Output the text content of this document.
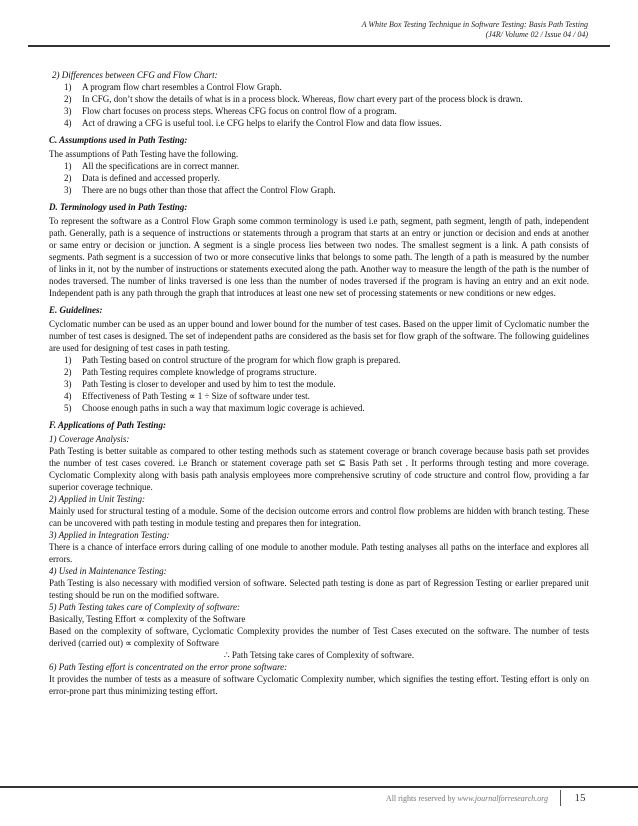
A White Box Testing Technique in Software Testing: Basis Path Testing
(J4R/ Volume 02 / Issue 04 / 04)

2) Differences between CFG and Flow Chart:

1) A program flow chart resembles a Control Flow Graph.
2) In CFG, don’t show the details of what is in a process block. Whereas, flow chart every part of the process block is drawn.
3) Flow chart focuses on process steps. Whereas CFG focus on control flow of a program.
4) Act of drawing a CFG is useful tool. i.e CFG helps to elarify the Control Flow and data flow issues.

C. Assumptions used in Path Testing:

The assumptions of Path Testing have the following.

1) All the specifications are in correct manner.
2) Data is defined and accessed properly.
3) There are no bugs other than those that affect the Control Flow Graph.

D. Terminology used in Path Testing:

To represent the software as a Control Flow Graph some common terminology is used i.e path, segment, path segment, length of path, independent path. Generally, path is a sequence of instructions or statements through a program that starts at an entry or junction or decision and ends at another or same entry or decision or junction. A segment is a single process lies between two nodes. The smallest segment is a link. A path consists of segments. Path segment is a succession of two or more consecutive links that belongs to some path. The length of a path is measured by the number of links in it, not by the number of instructions or statements executed along the path. Another way to measure the length of the path is the number of nodes traversed. The number of links traversed is one less than the number of nodes traversed if the program is having an entry and an exit node. Independent path is any path through the graph that introduces at least one new set of processing statements or new conditions or new edges.

E. Guidelines:

Cyclomatic number can be used as an upper bound and lower bound for the number of test cases. Based on the upper limit of Cyclomatic number the number of test cases is designed. The set of independent paths are considered as the basis set for flow graph of the software. The following guidelines are used for designing of test cases in path testing.

1) Path Testing based on control structure of the program for which flow graph is prepared.
2) Path Testing requires complete knowledge of programs structure.
3) Path Testing is closer to developer and used by him to test the module.
4) Effectiveness of Path Testing ∝ 1 ÷ Size of software under test.
5) Choose enough paths in such a way that maximum logic coverage is achieved.

F. Applications of Path Testing:

1) Coverage Analysis:

Path Testing is better suitable as compared to other testing methods such as statement coverage or branch coverage because basis path set provides the number of test cases covered. i.e Branch or statement coverage path set ⊆ Basis Path set . It performs through testing and more coverage. Cyclomatic Complexity along with basis path analysis employees more comprehensive scrutiny of code structure and control flow, providing a far superior coverage technique.

2) Applied in Unit Testing:

Mainly used for structural testing of a module. Some of the decision outcome errors and control flow problems are hidden with branch testing. These can be uncovered with path testing in module testing and prepares then for integration.

3) Applied in Integration Testing:

There is a chance of interface errors during calling of one module to another module. Path testing analyses all paths on the interface and explores all errors.

4) Used in Maintenance Testing:

Path Testing is also necessary with modified version of software. Selected path testing is done as part of Regression Testing or earlier prepared unit testing should be run on the modified software.

5) Path Testing takes care of Complexity of software:

Basically, Testing Effort ∝ complexity of the Software

Based on the complexity of software, Cyclomatic Complexity provides the number of Test Cases executed on the software. The number of tests derived (carried out) ∝ complexity of Software

∴ Path Tetsing take cares of Complexity of software.

6) Path Testing effort is concentrated on the error prone software:

It provides the number of tests as a measure of software Cyclomatic Complexity number, which signifies the testing effort. Testing effort is only on error-prone part thus minimizing testing effort.

All rights reserved by www.journalforresearch.org	15
